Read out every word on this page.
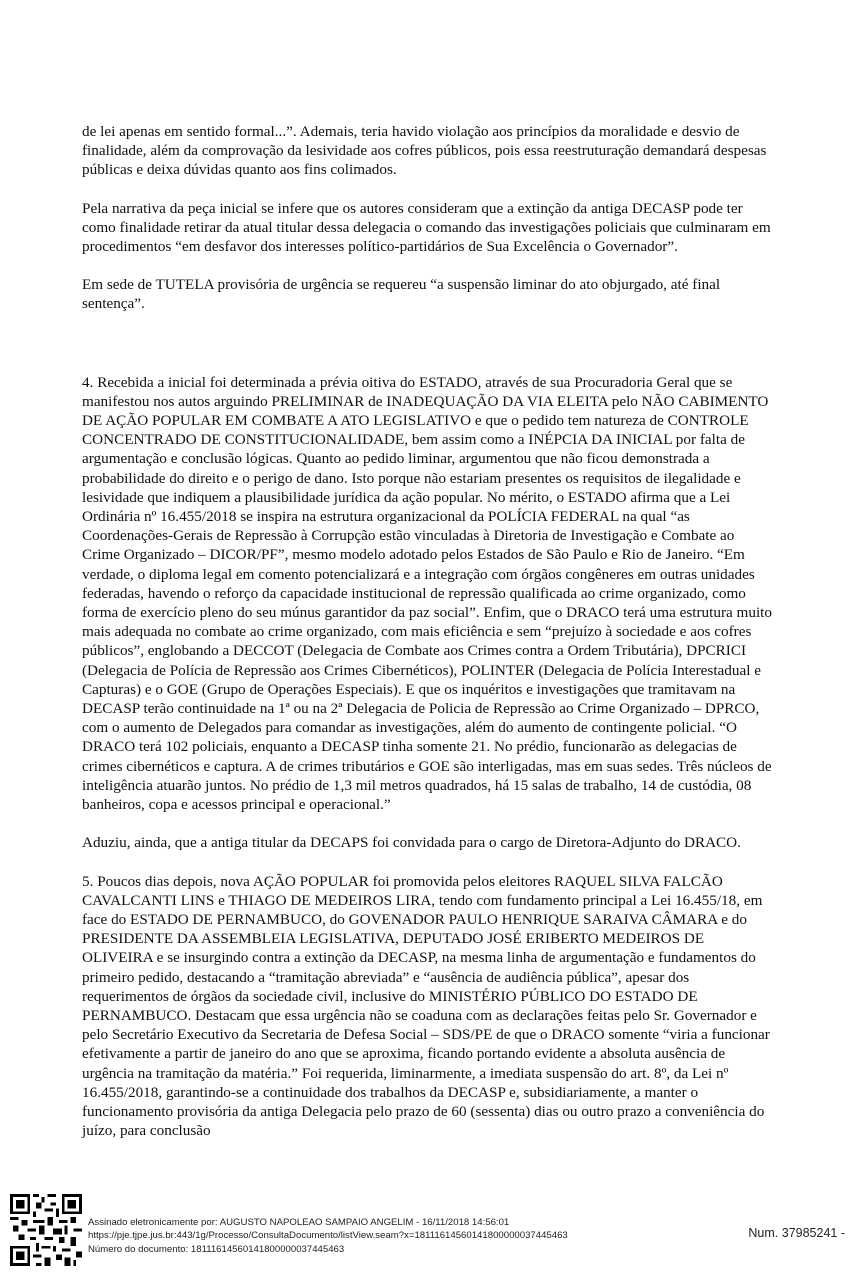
de lei apenas em sentido formal...”. Ademais, teria havido violação aos princípios da moralidade e desvio de finalidade, além da comprovação da lesividade aos cofres públicos, pois essa reestruturação demandará despesas públicas e deixa dúvidas quanto aos fins colimados.

Pela narrativa da peça inicial se infere que os autores consideram que a extinção da antiga DECASP pode ter como finalidade retirar da atual titular dessa delegacia o comando das investigações policiais que culminaram em procedimentos “em desfavor dos interesses político-partidários de Sua Excelência o Governador”.

Em sede de TUTELA provisória de urgência se requereu “a suspensão liminar do ato objurgado, até final sentença”.

4. Recebida a inicial foi determinada a prévia oitiva do ESTADO, através de sua Procuradoria Geral que se manifestou nos autos arguindo PRELIMINAR de INADEQUAÇÃO DA VIA ELEITA pelo NÃO CABIMENTO DE AÇÃO POPULAR EM COMBATE A ATO LEGISLATIVO e que o pedido tem natureza de CONTROLE CONCENTRADO DE CONSTITUCIONALIDADE, bem assim como a INÉPCIA DA INICIAL por falta de argumentação e conclusão lógicas. Quanto ao pedido liminar, argumentou que não ficou demonstrada a probabilidade do direito e o perigo de dano. Isto porque não estariam presentes os requisitos de ilegalidade e lesividade que indiquem a plausibilidade jurídica da ação popular. No mérito, o ESTADO afirma que a Lei Ordinária nº 16.455/2018 se inspira na estrutura organizacional da POLÍCIA FEDERAL na qual “as Coordenações-Gerais de Repressão à Corrupção estão vinculadas à Diretoria de Investigação e Combate ao Crime Organizado – DICOR/PF”, mesmo modelo adotado pelos Estados de São Paulo e Rio de Janeiro. “Em verdade, o diploma legal em comento potencializará e a integração com órgãos congêneres em outras unidades federadas, havendo o reforço da capacidade institucional de repressão qualificada ao crime organizado, como forma de exercício pleno do seu múnus garantidor da paz social”. Enfim, que o DRACO terá uma estrutura muito mais adequada no combate ao crime organizado, com mais eficiência e sem “prejuízo à sociedade e aos cofres públicos”, englobando a DECCOT (Delegacia de Combate aos Crimes contra a Ordem Tributária), DPCRICI (Delegacia de Polícia de Repressão aos Crimes Cibernéticos), POLINTER (Delegacia de Polícia Interestadual e Capturas) e o GOE (Grupo de Operações Especiais). E que os inquéritos e investigações que tramitavam na DECASP terão continuidade na 1ª ou na 2ª Delegacia de Policia de Repressão ao Crime Organizado – DPRCO, com o aumento de Delegados para comandar as investigações, além do aumento de contingente policial. “O DRACO terá 102 policiais, enquanto a DECASP tinha somente 21. No prédio, funcionarão as delegacias de crimes cibernéticos e captura. A de crimes tributários e GOE são interligadas, mas em suas sedes. Três núcleos de inteligência atuarão juntos. No prédio de 1,3 mil metros quadrados, há 15 salas de trabalho, 14 de custódia, 08 banheiros, copa e acessos principal e operacional.”

Aduziu, ainda, que a antiga titular da DECAPS foi convidada para o cargo de Diretora-Adjunto do DRACO.

5. Poucos dias depois, nova AÇÃO POPULAR foi promovida pelos eleitores RAQUEL SILVA FALCÃO CAVALCANTI LINS e THIAGO DE MEDEIROS LIRA, tendo com fundamento principal a Lei 16.455/18, em face do ESTADO DE PERNAMBUCO, do GOVENADOR PAULO HENRIQUE SARAIVA CÂMARA e do PRESIDENTE DA ASSEMBLEIA LEGISLATIVA, DEPUTADO JOSÉ ERIBERTO MEDEIROS DE OLIVEIRA e se insurgindo contra a extinção da DECASP, na mesma linha de argumentação e fundamentos do primeiro pedido, destacando a “tramitação abreviada” e “ausência de audiência pública”, apesar dos requerimentos de órgãos da sociedade civil, inclusive do MINISTÉRIO PÚBLICO DO ESTADO DE PERNAMBUCO. Destacam que essa urgência não se coaduna com as declarações feitas pelo Sr. Governador e pelo Secretário Executivo da Secretaria de Defesa Social – SDS/PE de que o DRACO somente “viria a funcionar efetivamente a partir de janeiro do ano que se aproxima, ficando portando evidente a absoluta ausência de urgência na tramitação da matéria.” Foi requerida, liminarmente, a imediata suspensão do art. 8º, da Lei nº 16.455/2018, garantindo-se a continuidade dos trabalhos da DECASP e, subsidiariamente, a manter o funcionamento provisória da antiga Delegacia pelo prazo de 60 (sessenta) dias ou outro prazo a conveniência do juízo, para conclusão

Assinado eletronicamente por: AUGUSTO NAPOLEAO SAMPAIO ANGELIM - 16/11/2018 14:56:01
https://pje.tjpe.jus.br:443/1g/Processo/ConsultaDocumento/listView.seam?x=18111614560141800000037445463
Número do documento: 18111614560141800000037445463
Num. 37985241 -
